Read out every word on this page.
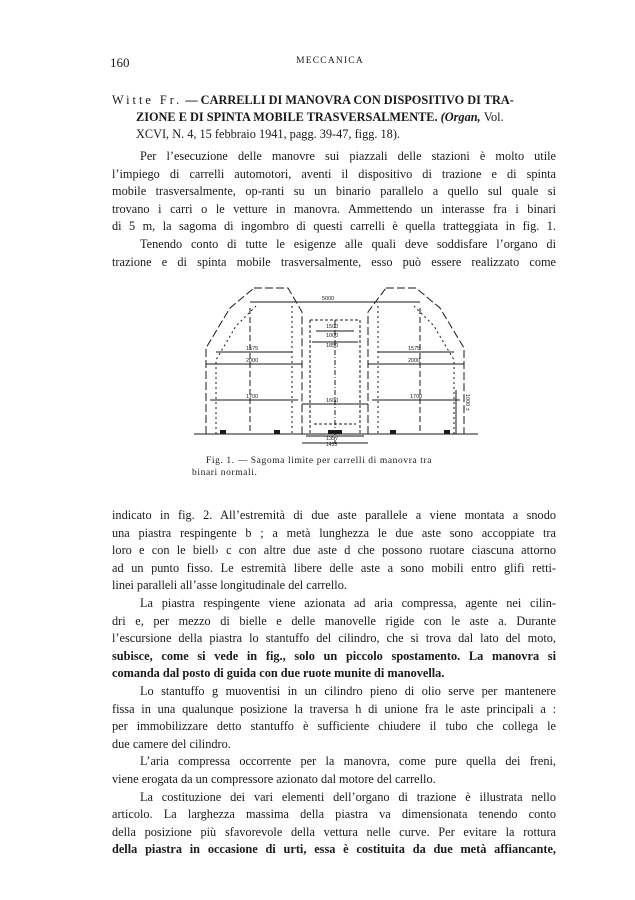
160	MECCANICA
Witte Fr. — CARRELLI DI MANOVRA CON DISPOSITIVO DI TRA-
ZIONE E DI SPINTA MOBILE TRASVERSALMENTE. (Organ, Vol.
XCVI, N. 4, 15 febbraio 1941, pagg. 39-47, figg. 18).
Per l’esecuzione delle manovre sui piazzali delle stazioni è molto utile
l’impiego di carrelli automotori, aventi il dispositivo di trazione e di spinta
mobile trasversalmente, op-ranti su un binario parallelo a quello sul quale si
trovano i carri o le vetture in manovra. Ammettendo un interasse fra i binari
di 5 m, la sagoma di ingombro di questi carrelli è quella tratteggiata in fig. 1.
Tenendo conto di tutte le esigenze alle quali deve soddisfare l’organo di
trazione e di spinta mobile trasversalmente, esso può essere realizzato come
5000
1500
1000
1850
1575
2000
1575
2000
1700
1600
1700
1357
1435
1000 ±
Fig. 1. — Sagoma limite per carrelli di manovra tra
binari normali.
indicato in fig. 2. All’estremità di due aste parallele a viene montata a snodo
una piastra respingente b ; a metà lunghezza le due aste sono accoppiate tra
loro e con le biell› c con altre due aste d che possono ruotare ciascuna attorno
ad un punto fisso. Le estremità libere delle aste a sono mobili entro glifi retti-
linei paralleli all’asse longitudinale del carrello.
La piastra respingente viene azionata ad aria compressa, agente nei cilin-
dri e, per mezzo di bielle e delle manovelle rigide con le aste a. Durante
l’escursione della piastra lo stantuffo del cilindro, che si trova dal lato del moto,
subisce, come si vede in fig., solo un piccolo spostamento. La manovra si
comanda dal posto di guida con due ruote munite di manovella.
Lo stantuffo g muoventisi in un cilindro pieno di olio serve per mantenere
fissa in una qualunque posizione la traversa h di unione fra le aste principali a :
per immobilizzare detto stantuffo è sufficiente chiudere il tubo che collega le
due camere del cilindro.
L’aria compressa occorrente per la manovra, come pure quella dei freni,
viene erogata da un compressore azionato dal motore del carrello.
La costituzione dei vari elementi dell’organo di trazione è illustrata nello
articolo. La larghezza massima della piastra va dimensionata tenendo conto
della posizione più sfavorevole della vettura nelle curve. Per evitare la rottura
della piastra in occasione di urti, essa è costituita da due metà affiancante,
